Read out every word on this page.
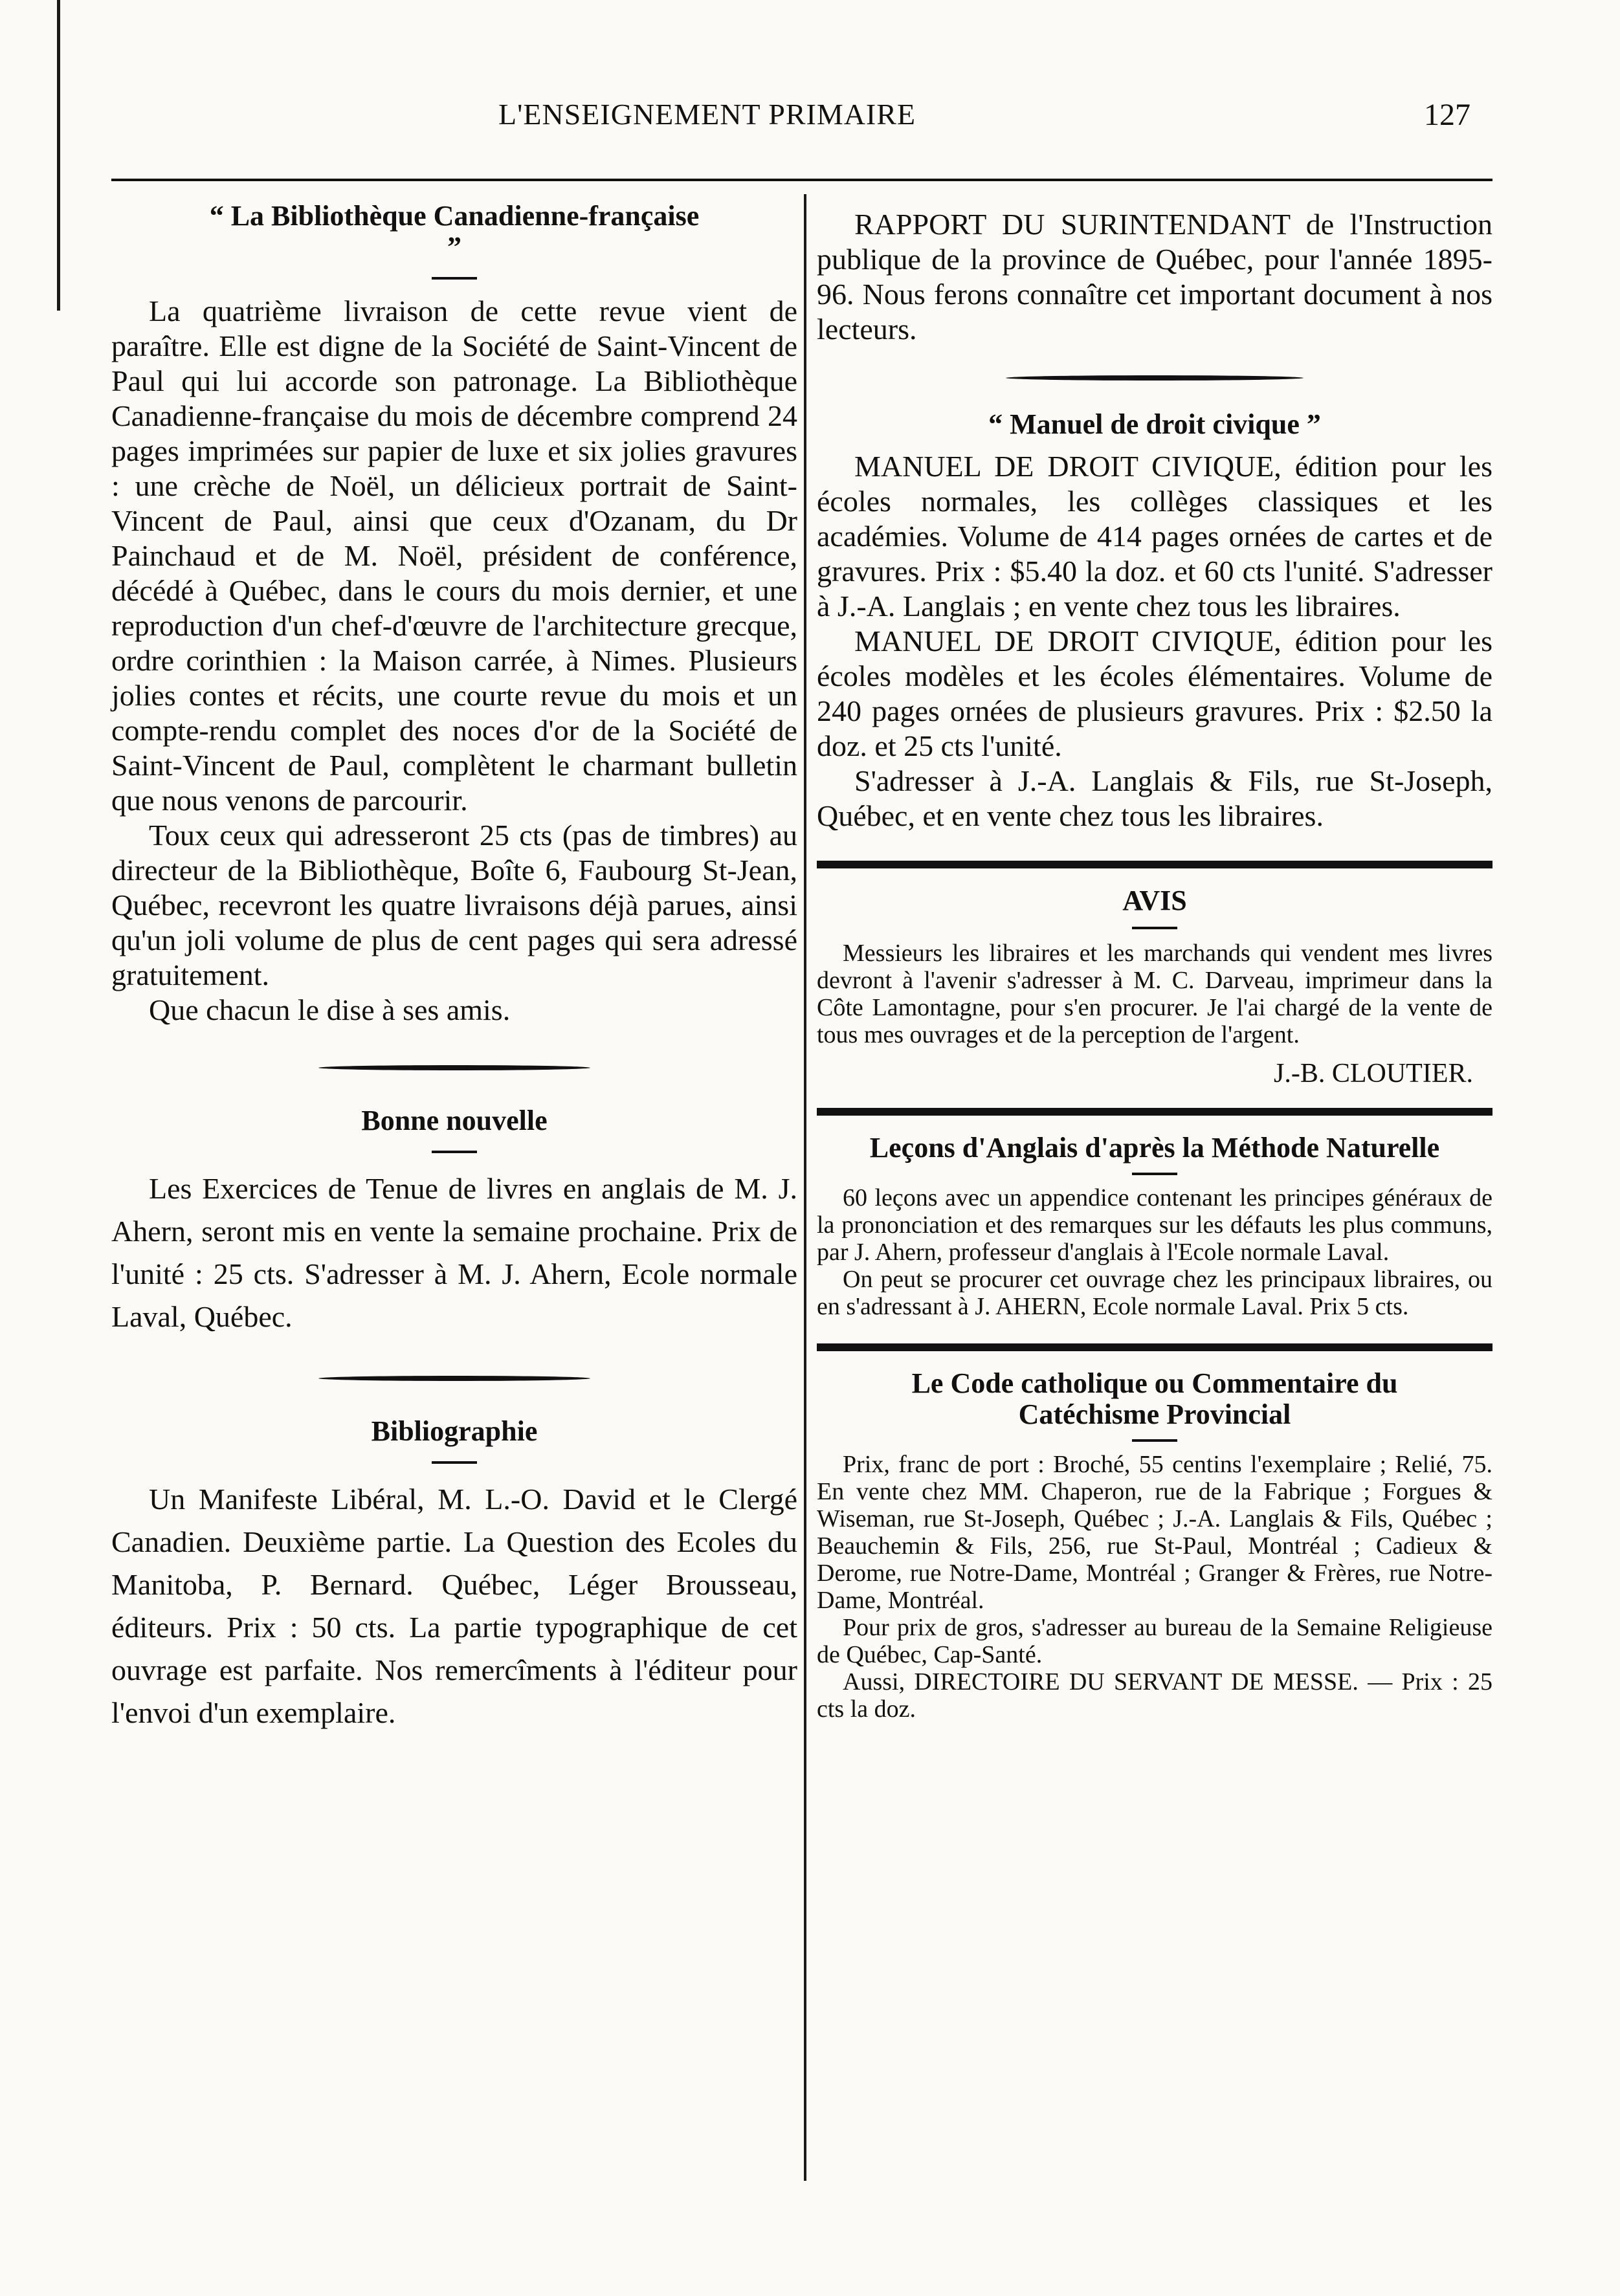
L'ENSEIGNEMENT PRIMAIRE	127
“ La Bibliothèque Canadienne-française ”

La quatrième livraison de cette revue vient de paraître. Elle est digne de la Société de Saint-Vincent de Paul qui lui accorde son patronage. La Bibliothèque Canadienne-française du mois de décembre comprend 24 pages imprimées sur papier de luxe et six jolies gravures : une crèche de Noël, un délicieux portrait de Saint-Vincent de Paul, ainsi que ceux d'Ozanam, du Dr Painchaud et de M. Noël, président de conférence, décédé à Québec, dans le cours du mois dernier, et une reproduction d'un chef-d'œuvre de l'architecture grecque, ordre corinthien : la Maison carrée, à Nimes. Plusieurs jolies contes et récits, une courte revue du mois et un compte-rendu complet des noces d'or de la Société de Saint-Vincent de Paul, complètent le charmant bulletin que nous venons de parcourir.

Toux ceux qui adresseront 25 cts (pas de timbres) au directeur de la Bibliothèque, Boîte 6, Faubourg St-Jean, Québec, recevront les quatre livraisons déjà parues, ainsi qu'un joli volume de plus de cent pages qui sera adressé gratuitement.

Que chacun le dise à ses amis.

Bonne nouvelle

Les Exercices de Tenue de livres en anglais de M. J. Ahern, seront mis en vente la semaine prochaine. Prix de l'unité : 25 cts. S'adresser à M. J. Ahern, Ecole normale Laval, Québec.

Bibliographie

Un Manifeste Libéral, M. L.-O. David et le Clergé Canadien. Deuxième partie. La Question des Ecoles du Manitoba, P. Bernard. Québec, Léger Brousseau, éditeurs. Prix : 50 cts. La partie typographique de cet ouvrage est parfaite. Nos remercîments à l'éditeur pour l'envoi d'un exemplaire.

RAPPORT DU SURINTENDANT de l'Instruction publique de la province de Québec, pour l'année 1895-96. Nous ferons connaître cet important document à nos lecteurs.

“ Manuel de droit civique ”

MANUEL DE DROIT CIVIQUE, édition pour les écoles normales, les collèges classiques et les académies. Volume de 414 pages ornées de cartes et de gravures. Prix : $5.40 la doz. et 60 cts l'unité. S'adresser à J.-A. Langlais ; en vente chez tous les libraires.

MANUEL DE DROIT CIVIQUE, édition pour les écoles modèles et les écoles élémentaires. Volume de 240 pages ornées de plusieurs gravures. Prix : $2.50 la doz. et 25 cts l'unité.

S'adresser à J.-A. Langlais & Fils, rue St-Joseph, Québec, et en vente chez tous les libraires.

AVIS

Messieurs les libraires et les marchands qui vendent mes livres devront à l'avenir s'adresser à M. C. Darveau, imprimeur dans la Côte Lamontagne, pour s'en procurer. Je l'ai chargé de la vente de tous mes ouvrages et de la perception de l'argent.

J.-B. CLOUTIER.
Leçons d'Anglais d'après la Méthode Naturelle

60 leçons avec un appendice contenant les principes généraux de la prononciation et des remarques sur les défauts les plus communs, par J. Ahern, professeur d'anglais à l'Ecole normale Laval.

On peut se procurer cet ouvrage chez les principaux libraires, ou en s'adressant à J. AHERN, Ecole normale Laval. Prix 5 cts.

Le Code catholique ou Commentaire du Catéchisme Provincial

Prix, franc de port : Broché, 55 centins l'exemplaire ; Relié, 75. En vente chez MM. Chaperon, rue de la Fabrique ; Forgues & Wiseman, rue St-Joseph, Québec ; J.-A. Langlais & Fils, Québec ; Beauchemin & Fils, 256, rue St-Paul, Montréal ; Cadieux & Derome, rue Notre-Dame, Montréal ; Granger & Frères, rue Notre-Dame, Montréal.

Pour prix de gros, s'adresser au bureau de la Semaine Religieuse de Québec, Cap-Santé.

Aussi, DIRECTOIRE DU SERVANT DE MESSE. — Prix : 25 cts la doz.
